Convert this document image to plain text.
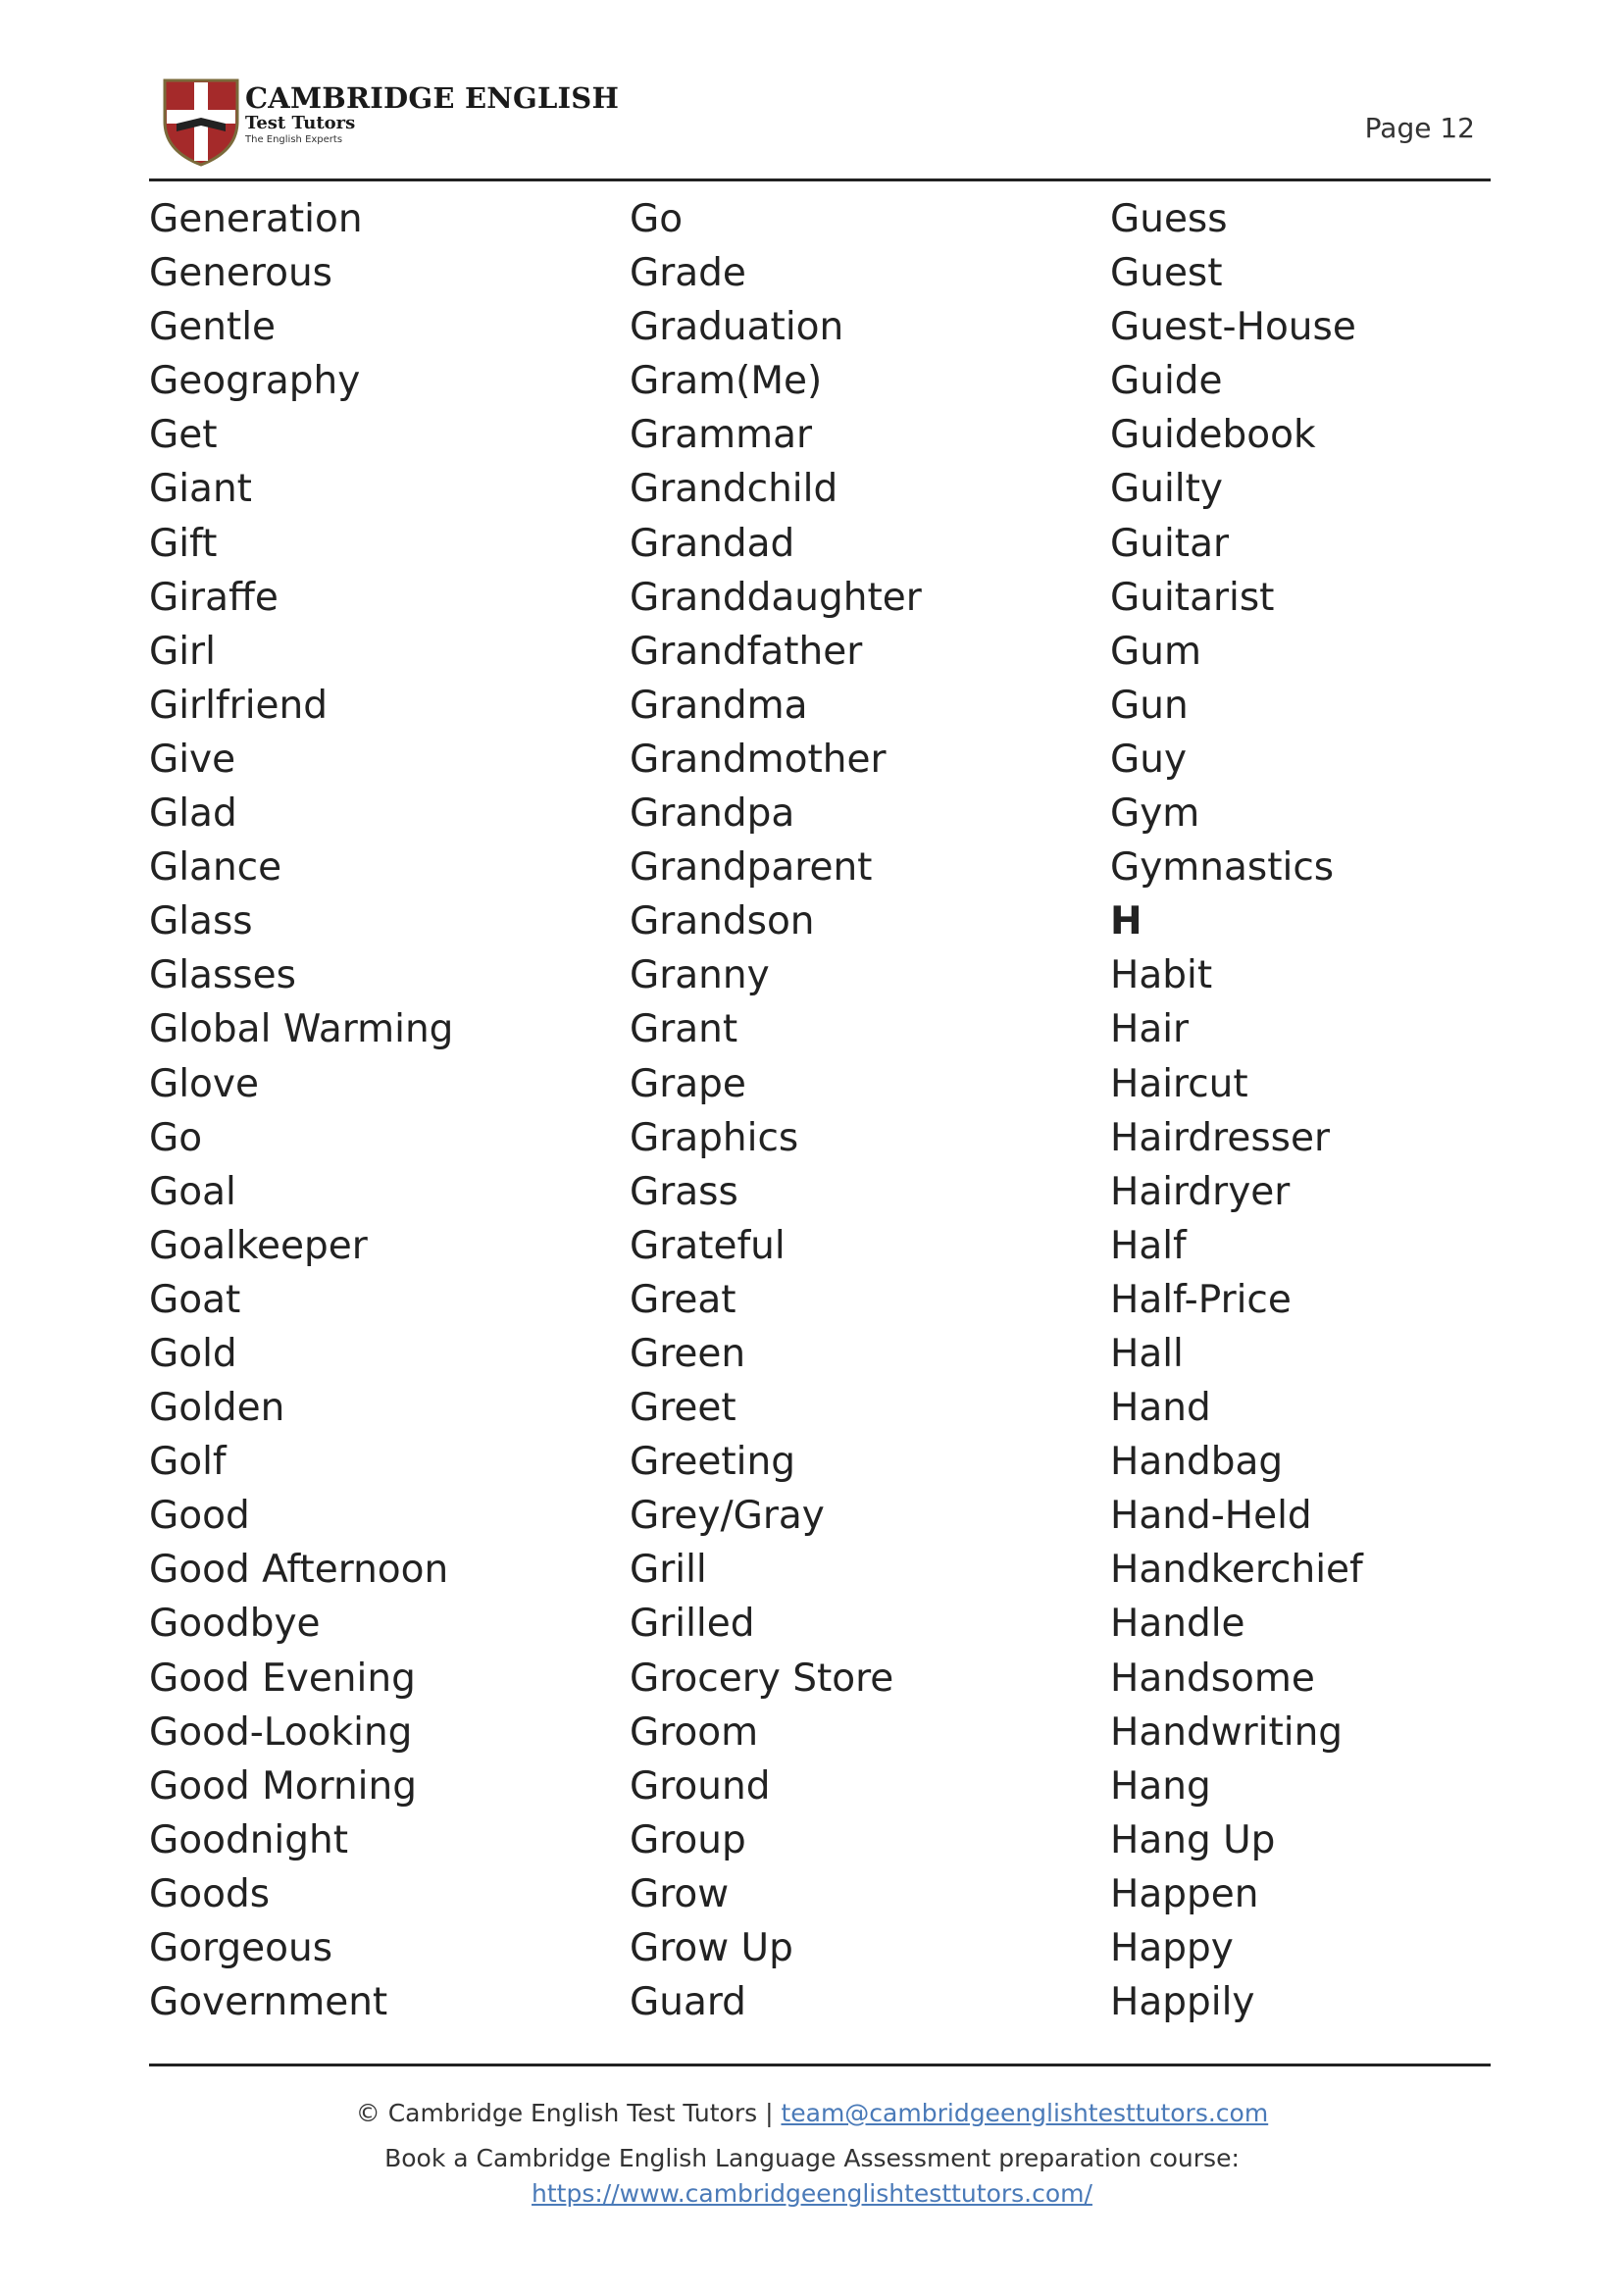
CAMBRIDGE ENGLISH
Test Tutors
The English Experts	Page 12
Generation
Generous
Gentle
Geography
Get
Giant
Gift
Giraffe
Girl
Girlfriend
Give
Glad
Glance
Glass
Glasses
Global Warming
Glove
Go
Goal
Goalkeeper
Goat
Gold
Golden
Golf
Good
Good Afternoon
Goodbye
Good Evening
Good-Looking
Good Morning
Goodnight
Goods
Gorgeous
Government
Go
Grade
Graduation
Gram(Me)
Grammar
Grandchild
Grandad
Granddaughter
Grandfather
Grandma
Grandmother
Grandpa
Grandparent
Grandson
Granny
Grant
Grape
Graphics
Grass
Grateful
Great
Green
Greet
Greeting
Grey/Gray
Grill
Grilled
Grocery Store
Groom
Ground
Group
Grow
Grow Up
Guard
Guess
Guest
Guest-House
Guide
Guidebook
Guilty
Guitar
Guitarist
Gum
Gun
Guy
Gym
Gymnastics
H
Habit
Hair
Haircut
Hairdresser
Hairdryer
Half
Half-Price
Hall
Hand
Handbag
Hand-Held
Handkerchief
Handle
Handsome
Handwriting
Hang
Hang Up
Happen
Happy
Happily
© Cambridge English Test Tutors | team@cambridgeenglishtesttutors.com
Book a Cambridge English Language Assessment preparation course:
https://www.cambridgeenglishtesttutors.com/
